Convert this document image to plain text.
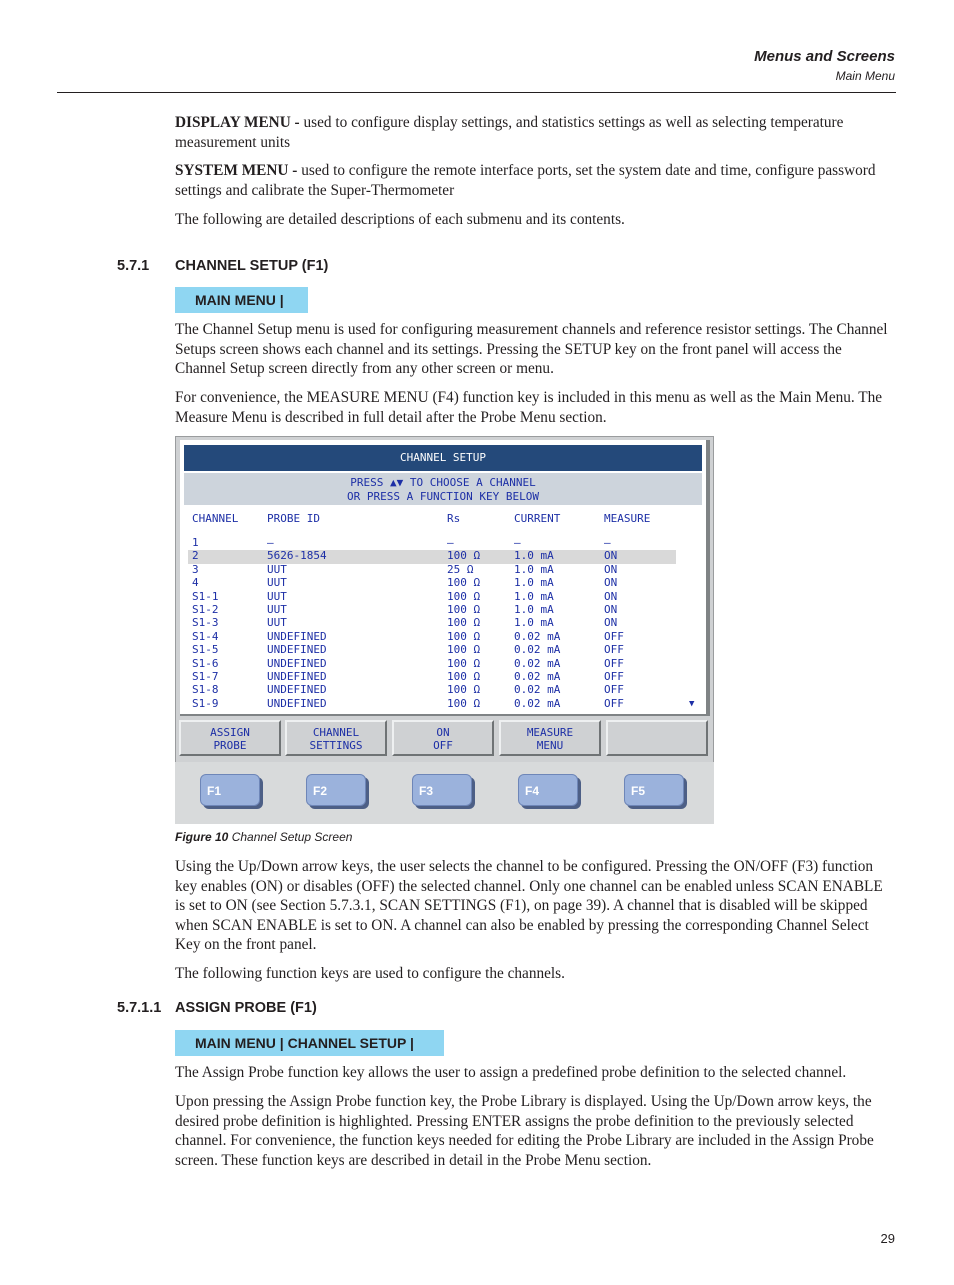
Menus and Screens
Main Menu

DISPLAY MENU - used to configure display settings, and statistics settings as well as selecting temperature measurement units

SYSTEM MENU - used to configure the remote interface ports, set the system date and time, configure password settings and calibrate the Super-Thermometer

The following are detailed descriptions of each submenu and its contents.

5.7.1 CHANNEL SETUP (F1)
MAIN MENU |

The Channel Setup menu is used for configuring measurement channels and reference resistor settings. The Channel Setups screen shows each channel and its settings. Pressing the SETUP key on the front panel will access the Channel Setup screen directly from any other screen or menu.

For convenience, the MEASURE MENU (F4) function key is included in this menu as well as the Main Menu. The Measure Menu is described in full detail after the Probe Menu section.

CHANNEL SETUP
PRESS ▲▼ TO CHOOSE A CHANNEL
OR PRESS A FUNCTION KEY BELOW
CHANNEL	PROBE ID	Rs	CURRENT	MEASURE
1	–	–	–	–
2	5626-1854	100 Ω	1.0 mA	ON
3	UUT	25 Ω	1.0 mA	ON
4	UUT	100 Ω	1.0 mA	ON
S1-1	UUT	100 Ω	1.0 mA	ON
S1-2	UUT	100 Ω	1.0 mA	ON
S1-3	UUT	100 Ω	1.0 mA	ON
S1-4	UNDEFINED	100 Ω	0.02 mA	OFF
S1-5	UNDEFINED	100 Ω	0.02 mA	OFF
S1-6	UNDEFINED	100 Ω	0.02 mA	OFF
S1-7	UNDEFINED	100 Ω	0.02 mA	OFF
S1-8	UNDEFINED	100 Ω	0.02 mA	OFF
S1-9	UNDEFINED	100 Ω	0.02 mA	OFF	▼
ASSIGN
PROBE
CHANNEL
SETTINGS
ON
OFF
MEASURE
MENU
F1	F2	F3	F4	F5
Figure 10 Channel Setup Screen

Using the Up/Down arrow keys, the user selects the channel to be configured. Pressing the ON/OFF (F3) function key enables (ON) or disables (OFF) the selected channel. Only one channel can be enabled unless SCAN ENABLE is set to ON (see Section 5.7.3.1, SCAN SETTINGS (F1), on page 39). A channel that is disabled will be skipped when SCAN ENABLE is set to ON. A channel can also be enabled by pressing the corresponding Channel Select Key on the front panel.

The following function keys are used to configure the channels.

5.7.1.1 ASSIGN PROBE (F1)
MAIN MENU | CHANNEL SETUP |

The Assign Probe function key allows the user to assign a predefined probe definition to the selected channel.

Upon pressing the Assign Probe function key, the Probe Library is displayed. Using the Up/Down arrow keys, the desired probe definition is highlighted. Pressing ENTER assigns the probe definition to the previously selected channel. For convenience, the function keys needed for editing the Probe Library are included in the Assign Probe screen. These function keys are described in detail in the Probe Menu section.

29
